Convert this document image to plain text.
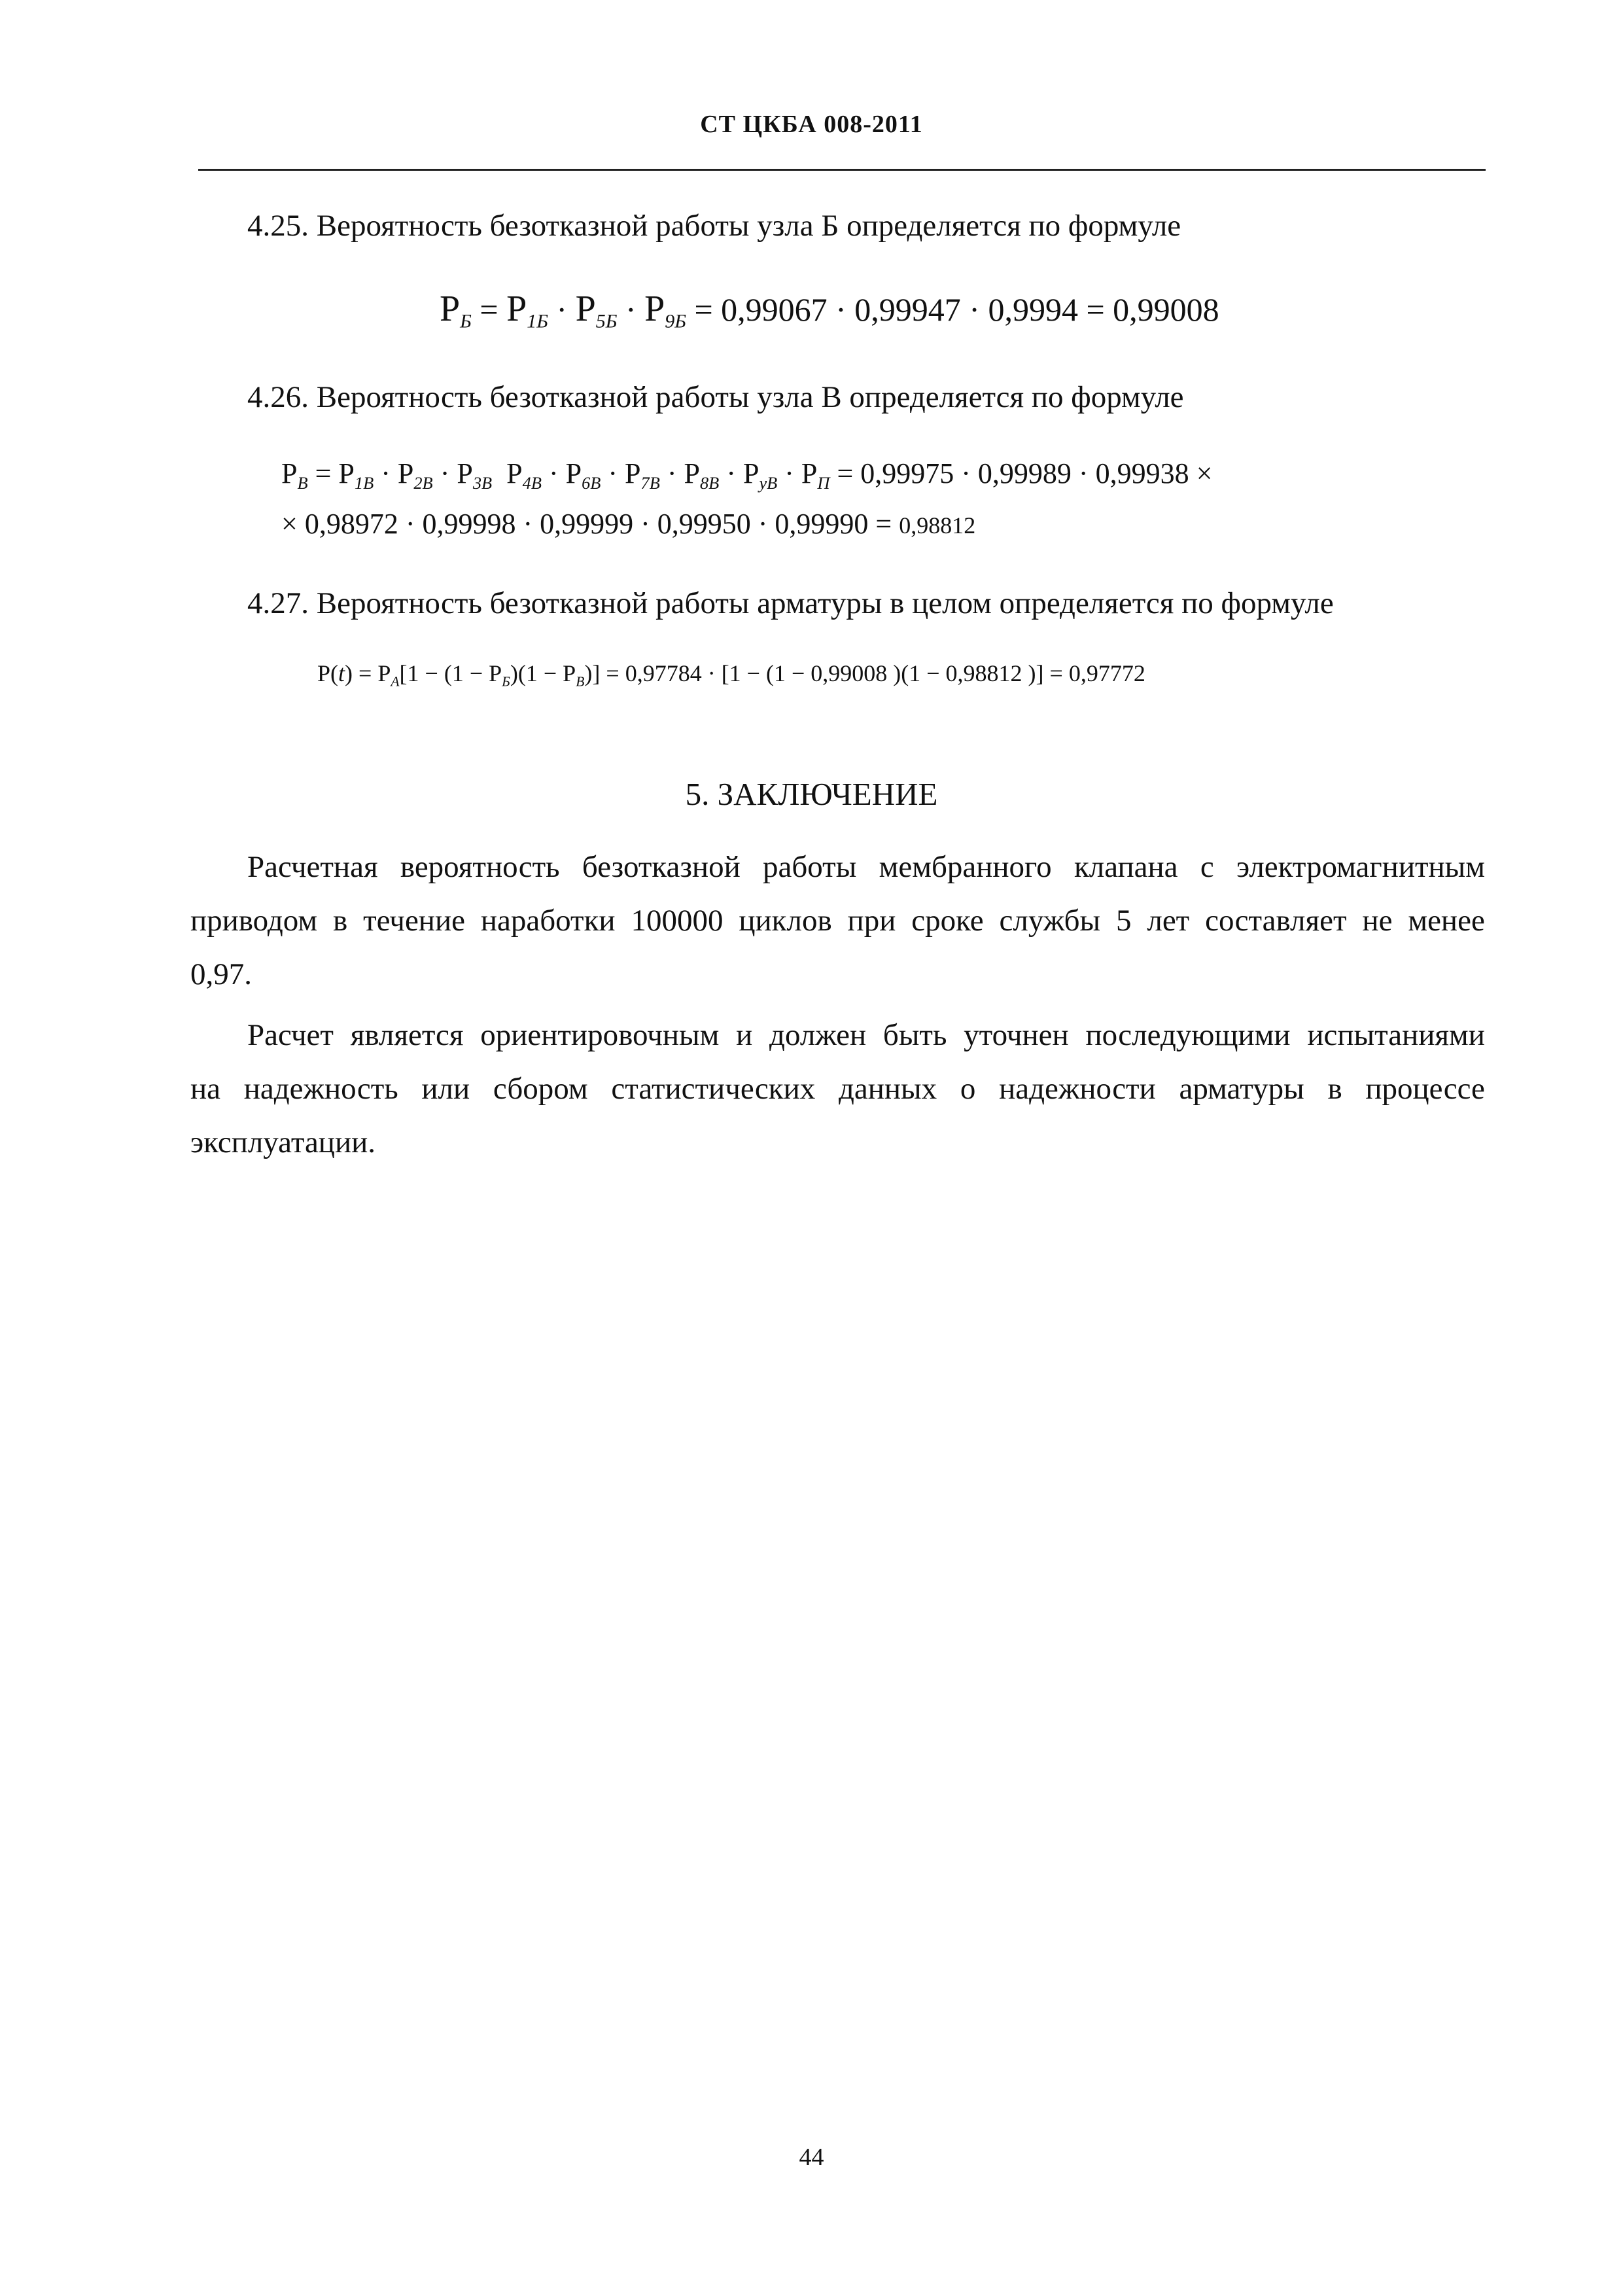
СТ ЦКБА 008-2011
4.25. Вероятность безотказной работы узла Б определяется по формуле
$P_Б = P_{1Б} \cdot P_{5Б} \cdot P_{9Б} = 0,99067 \cdot 0,99947 \cdot 0,9994 = 0,99008$
4.26. Вероятность безотказной работы узла В определяется по формуле
$P_В = P_{1В} \cdot P_{2В} \cdot P_{3В}$  $P_{4В} \cdot P_{6В} \cdot P_{7В} \cdot P_{8В} \cdot P_{уВ} \cdot P_П = 0,99975 \cdot 0,99989 \cdot 0,99938$ ×
× 0,98972 · 0,99998 · 0,99999 · 0,99950 · 0,99990 = 0,98812
4.27. Вероятность безотказной работы арматуры в целом определяется по формуле
$P(t) = P_А[1 - (1 - P_Б)(1 - P_В)] = 0,97784 \cdot [1 - (1 - 0,99008$ )(1 − 0,98812 )] = 0,97772
5. ЗАКЛЮЧЕНИЕ
Расчетная вероятность безотказной работы мембранного клапана с электромагнитным
приводом в течение наработки 100000 циклов при сроке службы 5 лет составляет не менее
0,97.
Расчет является ориентировочным и должен быть уточнен последующими испытаниями
на надежность или сбором статистических данных о надежности арматуры в процессе
эксплуатации.
44
